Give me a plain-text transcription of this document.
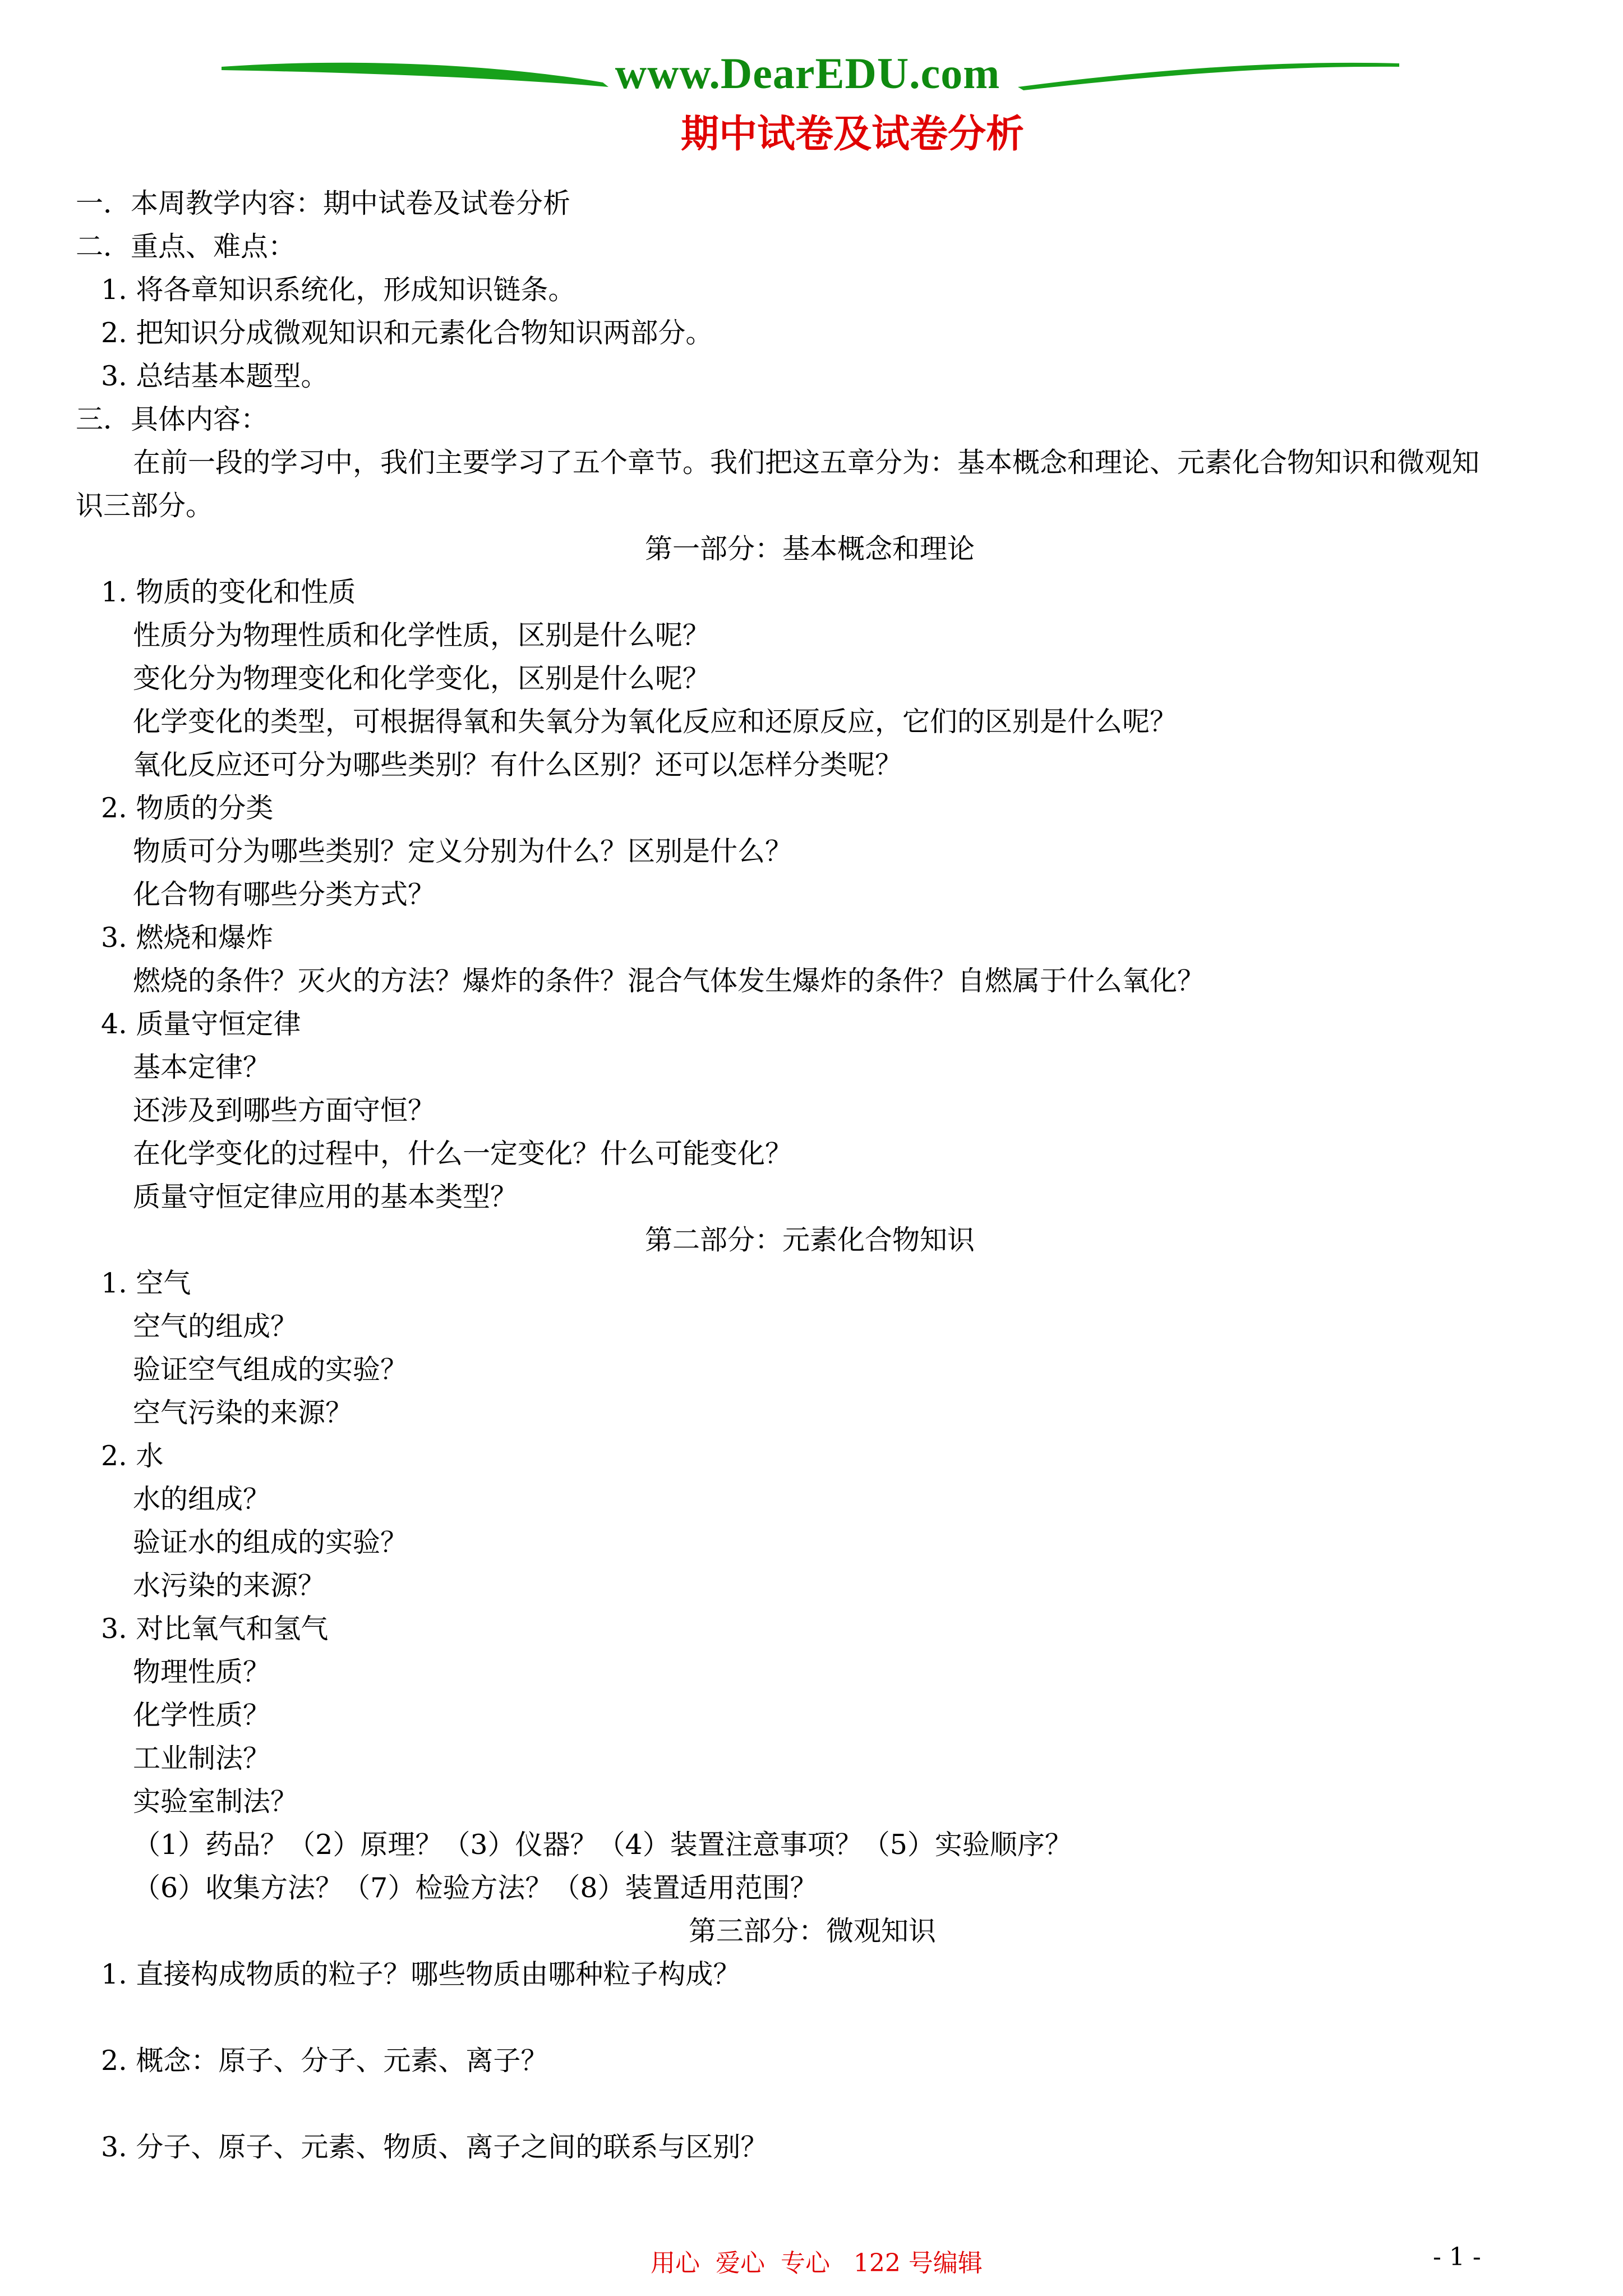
www.DearEDU.com
期中试卷及试卷分析
一．本周教学内容：期中试卷及试卷分析
二．重点、难点：
1. 将各章知识系统化，形成知识链条。
2. 把知识分成微观知识和元素化合物知识两部分。
3. 总结基本题型。
三．具体内容：
在前一段的学习中，我们主要学习了五个章节。我们把这五章分为：基本概念和理论、元素化合物知识和微观知
识三部分。
第一部分：基本概念和理论
1. 物质的变化和性质
性质分为物理性质和化学性质，区别是什么呢？
变化分为物理变化和化学变化，区别是什么呢？
化学变化的类型，可根据得氧和失氧分为氧化反应和还原反应，它们的区别是什么呢？
氧化反应还可分为哪些类别？有什么区别？还可以怎样分类呢？
2. 物质的分类
物质可分为哪些类别？定义分别为什么？区别是什么？
化合物有哪些分类方式？
3. 燃烧和爆炸
燃烧的条件？灭火的方法？爆炸的条件？混合气体发生爆炸的条件？自燃属于什么氧化？
4. 质量守恒定律
基本定律？
还涉及到哪些方面守恒？
在化学变化的过程中，什么一定变化？什么可能变化？
质量守恒定律应用的基本类型？
第二部分：元素化合物知识
1. 空气
空气的组成？
验证空气组成的实验？
空气污染的来源？
2. 水
水的组成？
验证水的组成的实验？
水污染的来源？
3. 对比氧气和氢气
物理性质？
化学性质？
工业制法？
实验室制法？
（1）药品？（2）原理？（3）仪器？（4）装置注意事项？（5）实验顺序？
（6）收集方法？（7）检验方法？（8）装置适用范围？
第三部分：微观知识
1. 直接构成物质的粒子？哪些物质由哪种粒子构成？
2. 概念：原子、分子、元素、离子？
3. 分子、原子、元素、物质、离子之间的联系与区别？
用心  爱心  专心   122 号编辑	- 1 -
